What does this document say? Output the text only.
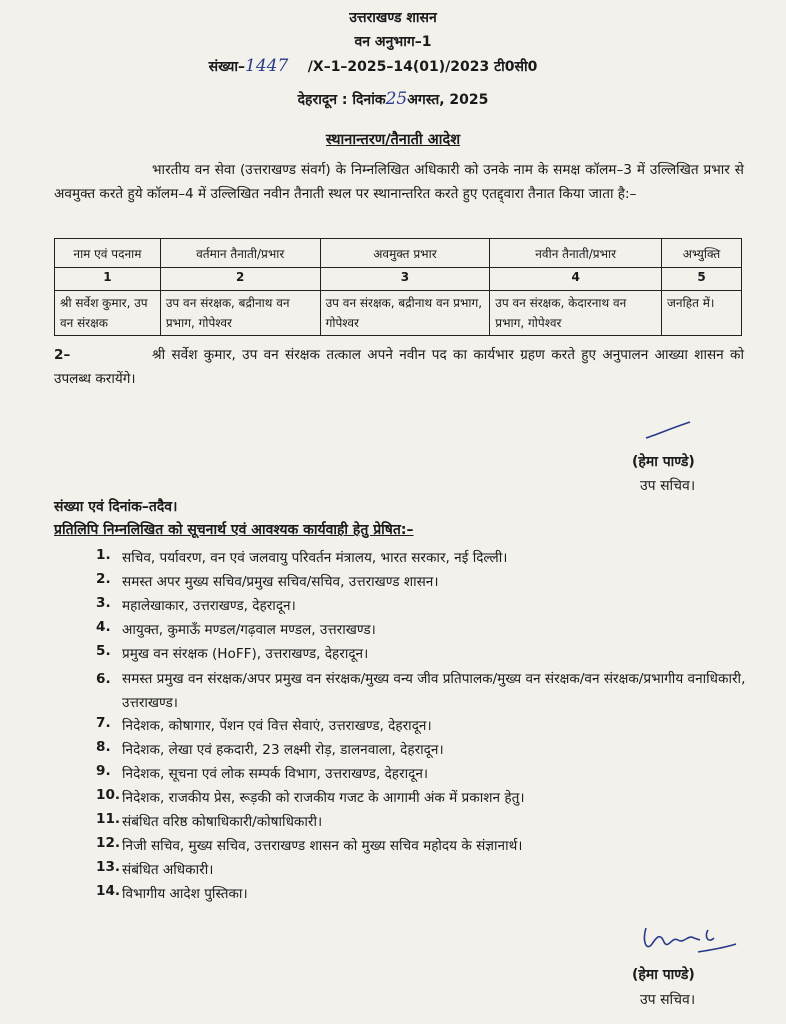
उत्तराखण्ड शासन
वन अनुभाग–1
संख्या–1447 /X–1–2025–14(01)/2023 टी0सी0
देहरादून : दिनांक25अगस्त, 2025
स्थानान्तरण/तैनाती आदेश
भारतीय वन सेवा (उत्तराखण्ड संवर्ग) के निम्नलिखित अधिकारी को उनके नाम के समक्ष कॉलम–3 में उल्लिखित प्रभार से अवमुक्त करते हुये कॉलम–4 में उल्लिखित नवीन तैनाती स्थल पर स्थानान्तरित करते हुए एतद्द्वारा तैनात किया जाता है:–
नाम एवं पदनाम	वर्तमान तैनाती/प्रभार	अवमुक्त प्रभार	नवीन तैनाती/प्रभार	अभ्युक्ति
1	2	3	4	5
श्री सर्वेश कुमार, उप वन संरक्षक	उप वन संरक्षक, बद्रीनाथ वन प्रभाग, गोपेश्वर	उप वन संरक्षक, बद्रीनाथ वन प्रभाग, गोपेश्वर	उप वन संरक्षक, केदारनाथ वन प्रभाग, गोपेश्वर	जनहित में।
2–	श्री सर्वेश कुमार, उप वन संरक्षक तत्काल अपने नवीन पद का कार्यभार ग्रहण करते हुए अनुपालन आख्या शासन को उपलब्ध करायेंगे।
(हेमा पाण्डे)
उप सचिव।
संख्या एवं दिनांक–तदैव।
प्रतिलिपि निम्नलिखित को सूचनार्थ एवं आवश्यक कार्यवाही हेतु प्रेषित:–
1. सचिव, पर्यावरण, वन एवं जलवायु परिवर्तन मंत्रालय, भारत सरकार, नई दिल्ली।
2. समस्त अपर मुख्य सचिव/प्रमुख सचिव/सचिव, उत्तराखण्ड शासन।
3. महालेखाकार, उत्तराखण्ड, देहरादून।
4. आयुक्त, कुमाऊँ मण्डल/गढ़वाल मण्डल, उत्तराखण्ड।
5. प्रमुख वन संरक्षक (HoFF), उत्तराखण्ड, देहरादून।
6. समस्त प्रमुख वन संरक्षक/अपर प्रमुख वन संरक्षक/मुख्य वन्य जीव प्रतिपालक/मुख्य वन संरक्षक/वन संरक्षक/प्रभागीय वनाधिकारी, उत्तराखण्ड।
7. निदेशक, कोषागार, पेंशन एवं वित्त सेवाएं, उत्तराखण्ड, देहरादून।
8. निदेशक, लेखा एवं हकदारी, 23 लक्ष्मी रोड़, डालनवाला, देहरादून।
9. निदेशक, सूचना एवं लोक सम्पर्क विभाग, उत्तराखण्ड, देहरादून।
10. निदेशक, राजकीय प्रेस, रूड़की को राजकीय गजट के आगामी अंक में प्रकाशन हेतु।
11. संबंधित वरिष्ठ कोषाधिकारी/कोषाधिकारी।
12. निजी सचिव, मुख्य सचिव, उत्तराखण्ड शासन को मुख्य सचिव महोदय के संज्ञानार्थ।
13. संबंधित अधिकारी।
14. विभागीय आदेश पुस्तिका।
(हेमा पाण्डे)
उप सचिव।
